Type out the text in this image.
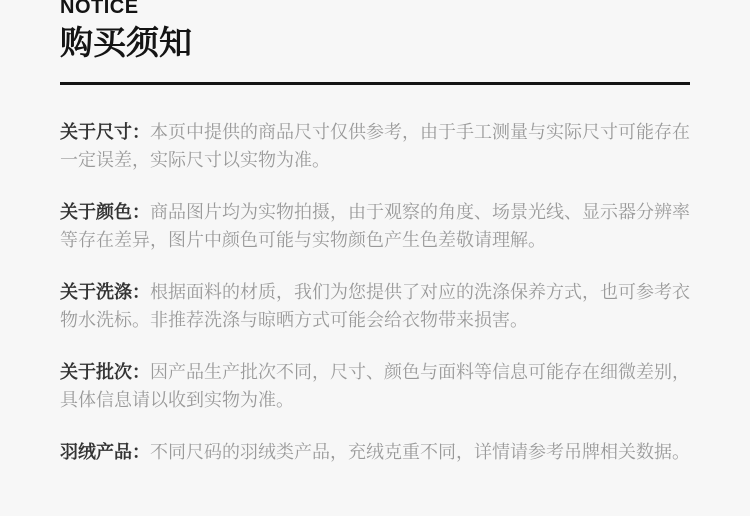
NOTICE
购买须知

关于尺寸：本页中提供的商品尺寸仅供参考，由于手工测量与实际尺寸可能存在一定误差，实际尺寸以实物为准。

关于颜色：商品图片均为实物拍摄，由于观察的角度、场景光线、显示器分辨率等存在差异，图片中颜色可能与实物颜色产生色差敬请理解。

关于洗涤：根据面料的材质，我们为您提供了对应的洗涤保养方式，也可参考衣物水洗标。非推荐洗涤与晾晒方式可能会给衣物带来损害。

关于批次：因产品生产批次不同，尺寸、颜色与面料等信息可能存在细微差别，具体信息请以收到实物为准。

羽绒产品：不同尺码的羽绒类产品，充绒克重不同，详情请参考吊牌相关数据。
